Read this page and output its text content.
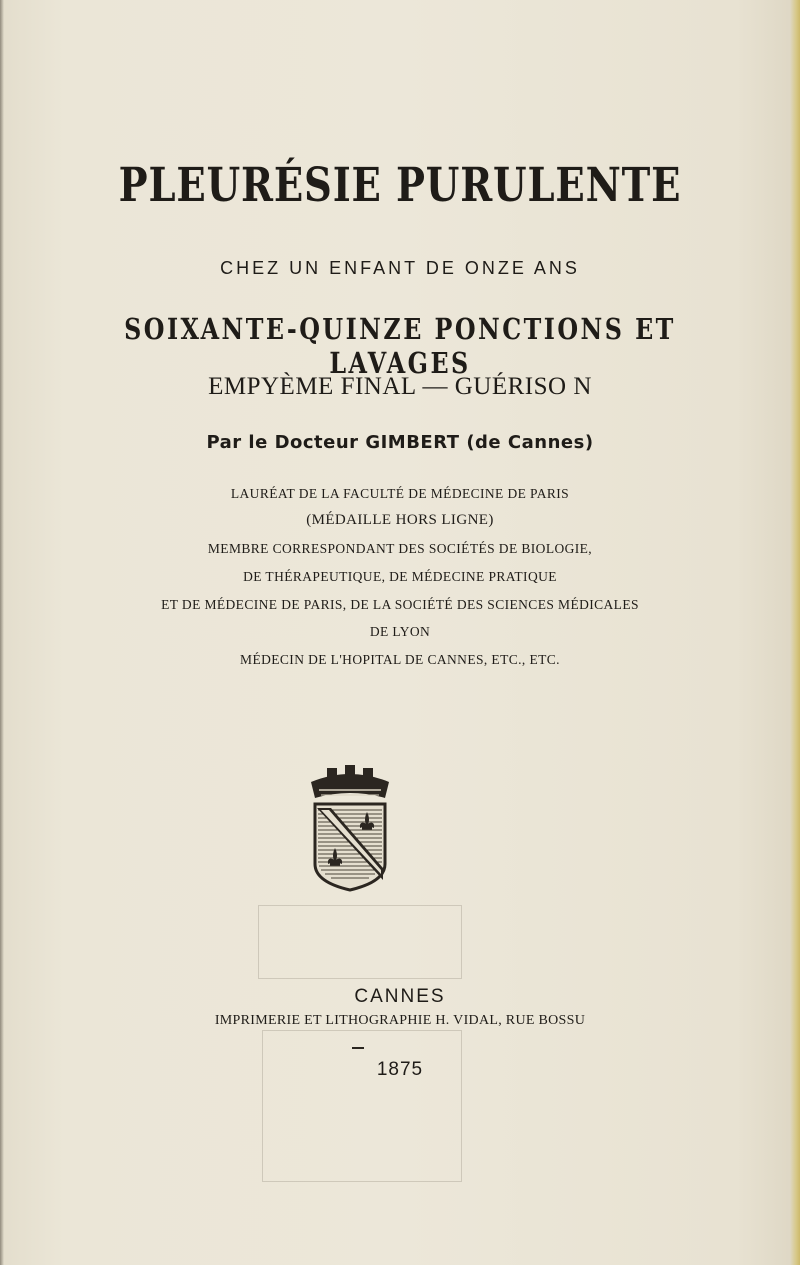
PLEURÉSIE PURULENTE
CHEZ UN ENFANT DE ONZE ANS
SOIXANTE-QUINZE PONCTIONS ET LAVAGES
EMPYÈME FINAL — GUÉRISO N
Par le Docteur GIMBERT (de Cannes)
LAURÉAT DE LA FACULTÉ DE MÉDECINE DE PARIS
(MÉDAILLE HORS LIGNE)
MEMBRE CORRESPONDANT DES SOCIÉTÉS DE BIOLOGIE,
DE THÉRAPEUTIQUE, DE MÉDECINE PRATIQUE
ET DE MÉDECINE DE PARIS, DE LA SOCIÉTÉ DES SCIENCES MÉDICALES
DE LYON
MÉDECIN DE L'HOPITAL DE CANNES, ETC., ETC.
CANNES
IMPRIMERIE ET LITHOGRAPHIE H. VIDAL, RUE BOSSU
1875
